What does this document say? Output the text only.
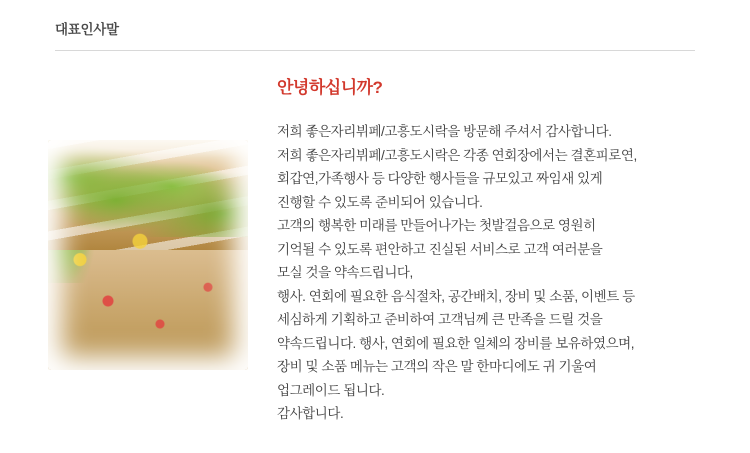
대표인사말
안녕하십니까?

저희 좋은자리뷔페/고흥도시락을 방문해 주셔서 감사합니다.

저희 좋은자리뷔페/고흥도시락은 각종 연회장에서는 결혼피로연,

회갑연,가족행사 등 다양한 행사들을 규모있고 짜임새 있게

진행할 수 있도록 준비되어 있습니다.

고객의 행복한 미래를 만들어나가는 첫발걸음으로 영원히

기억될 수 있도록 편안하고 진실된 서비스로 고객 여러분을

모실 것을 약속드립니다,

행사. 연회에 필요한 음식절차, 공간배치, 장비 및 소품, 이벤트 등

세심하게 기획하고 준비하여 고객님께 큰 만족을 드릴 것을

약속드립니다. 행사, 연회에 필요한 일체의 장비를 보유하였으며,

장비 및 소품 메뉴는 고객의 작은 말 한마디에도 귀 기울여

업그레이드 됩니다.

감사합니다.
